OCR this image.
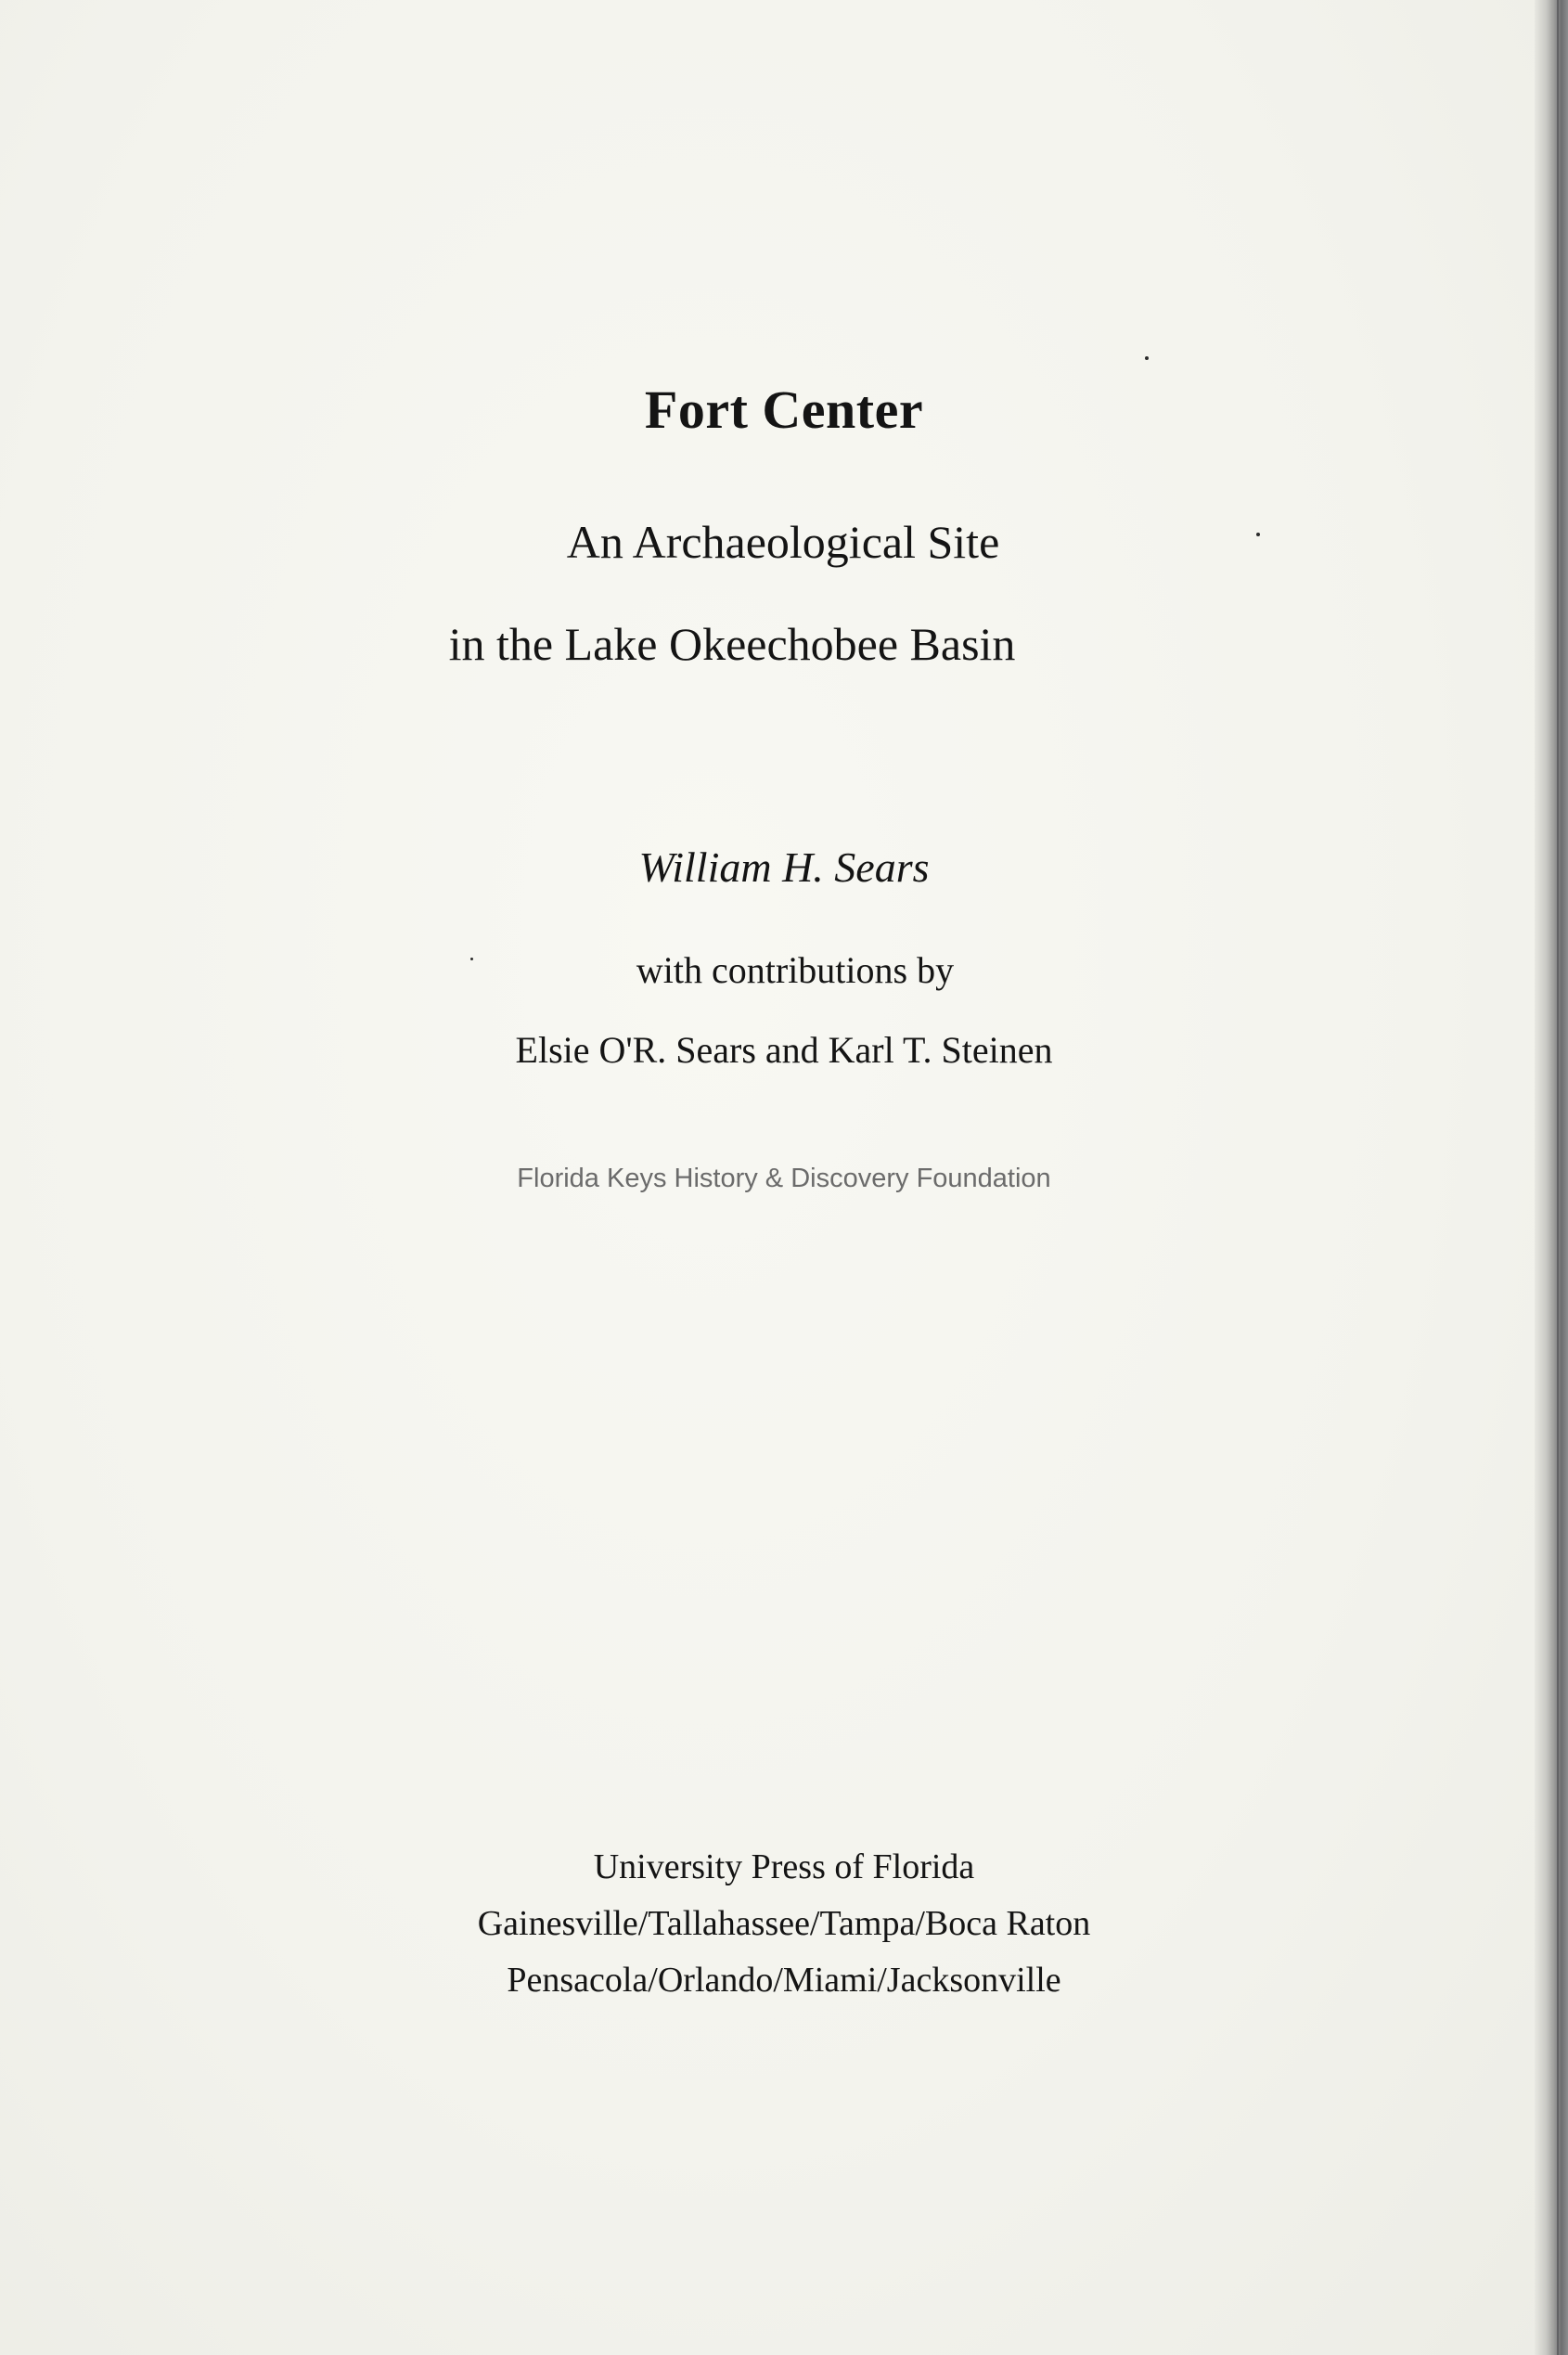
Fort Center
An Archaeological Site
in the Lake Okeechobee Basin
William H. Sears
with contributions by
Elsie O'R. Sears and Karl T. Steinen
Florida Keys History & Discovery Foundation
University Press of Florida
Gainesville/Tallahassee/Tampa/Boca Raton
Pensacola/Orlando/Miami/Jacksonville
